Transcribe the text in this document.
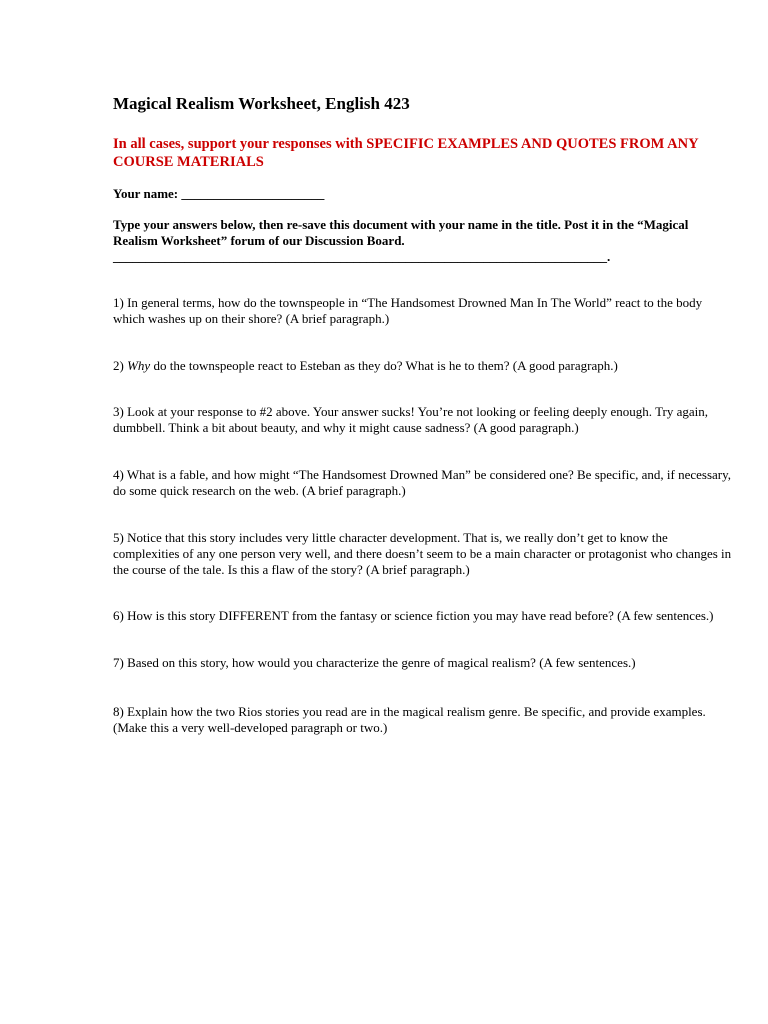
Magical Realism Worksheet, English 423

In all cases, support your responses with SPECIFIC EXAMPLES AND QUOTES FROM ANY COURSE MATERIALS

Your name: ______________________

Type your answers below, then re-save this document with your name in the title. Post it in the “Magical Realism Worksheet” forum of our Discussion Board.

____________________________________________________________________________.

1) In general terms, how do the townspeople in “The Handsomest Drowned Man In The World” react to the body which washes up on their shore? (A brief paragraph.)

2) Why do the townspeople react to Esteban as they do? What is he to them? (A good paragraph.)

3) Look at your response to #2 above. Your answer sucks! You’re not looking or feeling deeply enough. Try again, dumbbell. Think a bit about beauty, and why it might cause sadness? (A good paragraph.)

4) What is a fable, and how might “The Handsomest Drowned Man” be considered one? Be specific, and, if necessary, do some quick research on the web. (A brief paragraph.)

5) Notice that this story includes very little character development. That is, we really don’t get to know the complexities of any one person very well, and there doesn’t seem to be a main character or protagonist who changes in the course of the tale. Is this a flaw of the story? (A brief paragraph.)

6) How is this story DIFFERENT from the fantasy or science fiction you may have read before? (A few sentences.)

7) Based on this story, how would you characterize the genre of magical realism? (A few sentences.)

8) Explain how the two Rios stories you read are in the magical realism genre. Be specific, and provide examples. (Make this a very well-developed paragraph or two.)
